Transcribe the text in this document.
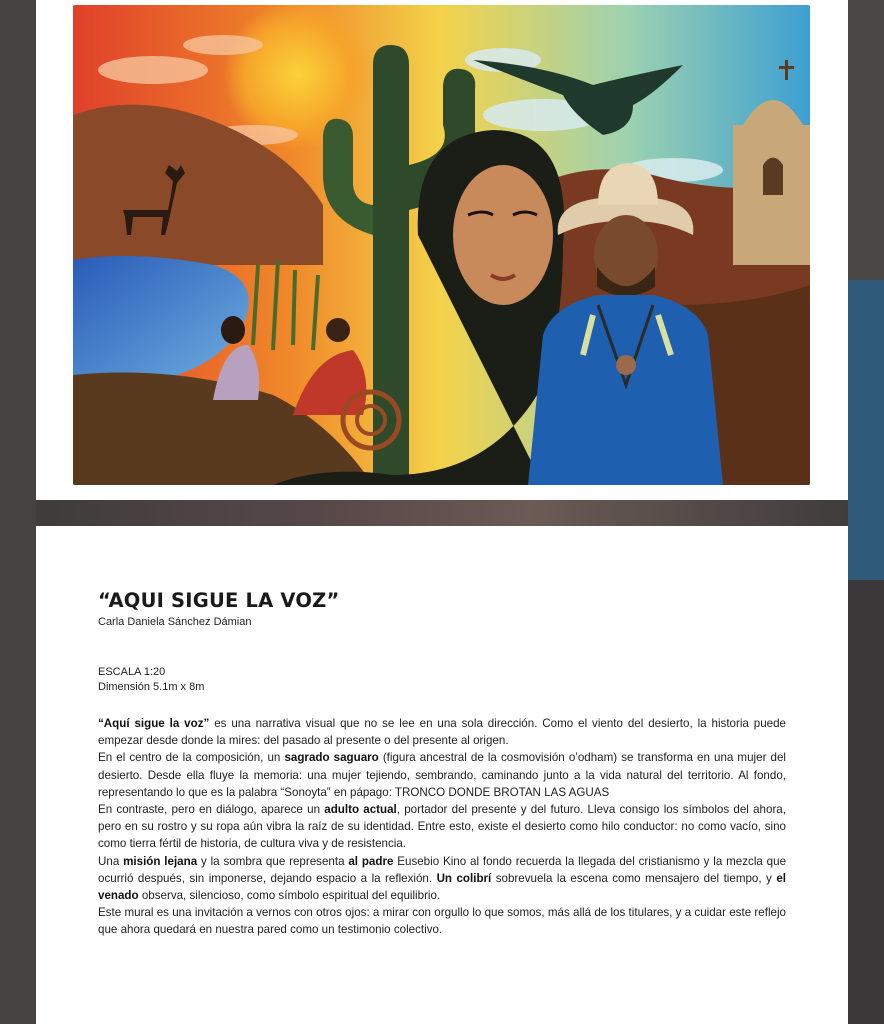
“AQUI SIGUE LA VOZ”
Carla Daniela Sánchez Dámian
ESCALA 1:20
Dimensión 5.1m x 8m

“Aquí sigue la voz” es una narrativa visual que no se lee en una sola dirección. Como el viento del desierto, la historia puede empezar desde donde la mires: del pasado al presente o del presente al origen.

En el centro de la composición, un sagrado saguaro (figura ancestral de la cosmovisión o’odham) se transforma en una mujer del desierto. Desde ella fluye la memoria: una mujer tejiendo, sembrando, caminando junto a la vida natural del territorio. Al fondo, representando lo que es la palabra “Sonoyta” en pápago: TRONCO DONDE BROTAN LAS AGUAS

En contraste, pero en diálogo, aparece un adulto actual, portador del presente y del futuro. Lleva consigo los símbolos del ahora, pero en su rostro y su ropa aún vibra la raíz de su identidad. Entre esto, existe el desierto como hilo conductor: no como vacío, sino como tierra fértil de historia, de cultura viva y de resistencia.

Una misión lejana y la sombra que representa al padre Eusebio Kino al fondo recuerda la llegada del cristianismo y la mezcla que ocurrió después, sin imponerse, dejando espacio a la reflexión. Un colibrí sobrevuela la escena como mensajero del tiempo, y el venado observa, silencioso, como símbolo espiritual del equilibrio.

Este mural es una invitación a vernos con otros ojos: a mirar con orgullo lo que somos, más allá de los titulares, y a cuidar este reflejo que ahora quedará en nuestra pared como un testimonio colectivo.
